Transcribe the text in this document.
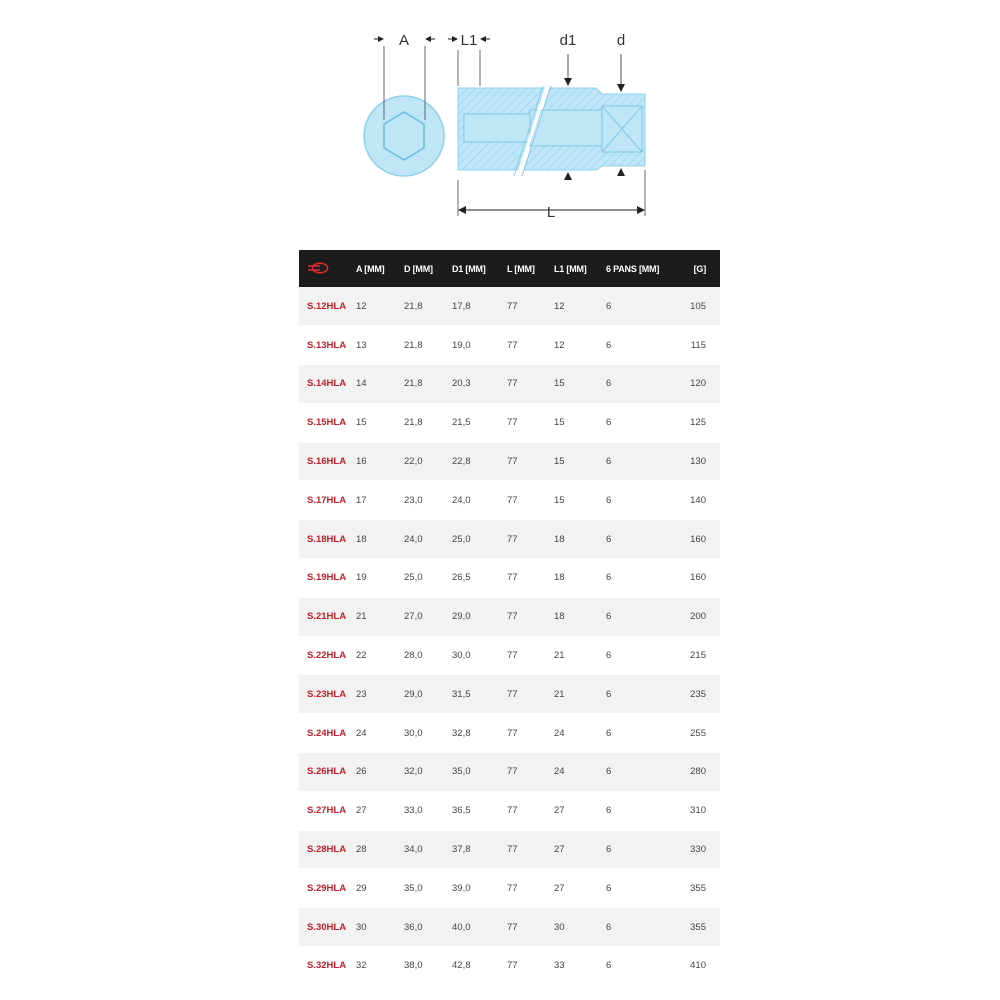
A	L1	d1	d
L
	A [MM]	D [MM]	D1 [MM]	L [MM]	L1 [MM]	6 PANS [MM]	[G]
S.12HLA	12	21,8	17,8	77	12	6	105
S.13HLA	13	21,8	19,0	77	12	6	115
S.14HLA	14	21,8	20,3	77	15	6	120
S.15HLA	15	21,8	21,5	77	15	6	125
S.16HLA	16	22,0	22,8	77	15	6	130
S.17HLA	17	23,0	24,0	77	15	6	140
S.18HLA	18	24,0	25,0	77	18	6	160
S.19HLA	19	25,0	26,5	77	18	6	160
S.21HLA	21	27,0	29,0	77	18	6	200
S.22HLA	22	28,0	30,0	77	21	6	215
S.23HLA	23	29,0	31,5	77	21	6	235
S.24HLA	24	30,0	32,8	77	24	6	255
S.26HLA	26	32,0	35,0	77	24	6	280
S.27HLA	27	33,0	36,5	77	27	6	310
S.28HLA	28	34,0	37,8	77	27	6	330
S.29HLA	29	35,0	39,0	77	27	6	355
S.30HLA	30	36,0	40,0	77	30	6	355
S.32HLA	32	38,0	42,8	77	33	6	410
